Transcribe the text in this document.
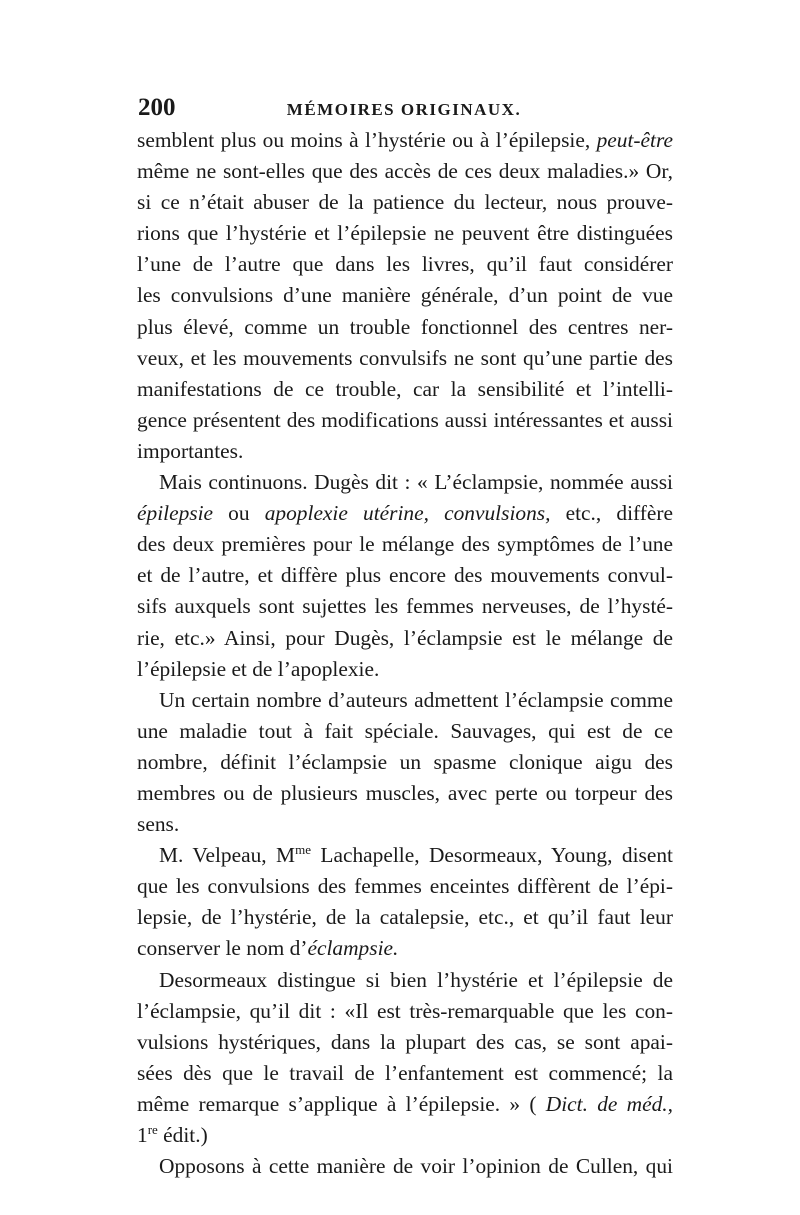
200	MÉMOIRES ORIGINAUX.
semblent plus ou moins à l’hystérie ou à l’épilepsie, peut-être
même ne sont-elles que des accès de ces deux maladies.» Or,
si ce n’était abuser de la patience du lecteur, nous prouve-
rions que l’hystérie et l’épilepsie ne peuvent être distinguées
l’une de l’autre que dans les livres, qu’il faut considérer
les convulsions d’une manière générale, d’un point de vue
plus élevé, comme un trouble fonctionnel des centres ner-
veux, et les mouvements convulsifs ne sont qu’une partie des
manifestations de ce trouble, car la sensibilité et l’intelli-
gence présentent des modifications aussi intéressantes et aussi
importantes.
Mais continuons. Dugès dit : « L’éclampsie, nommée aussi
épilepsie ou apoplexie utérine, convulsions, etc., diffère
des deux premières pour le mélange des symptômes de l’une
et de l’autre, et diffère plus encore des mouvements convul-
sifs auxquels sont sujettes les femmes nerveuses, de l’hysté-
rie, etc.» Ainsi, pour Dugès, l’éclampsie est le mélange de
l’épilepsie et de l’apoplexie.
Un certain nombre d’auteurs admettent l’éclampsie comme
une maladie tout à fait spéciale. Sauvages, qui est de ce
nombre, définit l’éclampsie un spasme clonique aigu des
membres ou de plusieurs muscles, avec perte ou torpeur des
sens.
M. Velpeau, $M^{me}$ Lachapelle, Desormeaux, Young, disent
que les convulsions des femmes enceintes diffèrent de l’épi-
lepsie, de l’hystérie, de la catalepsie, etc., et qu’il faut leur
conserver le nom d’éclampsie.
Desormeaux distingue si bien l’hystérie et l’épilepsie de
l’éclampsie, qu’il dit : «Il est très-remarquable que les con-
vulsions hystériques, dans la plupart des cas, se sont apai-
sées dès que le travail de l’enfantement est commencé; la
même remarque s’applique à l’épilepsie. » ( Dict. de méd.,
1re édit.)
Opposons à cette manière de voir l’opinion de Cullen, qui
